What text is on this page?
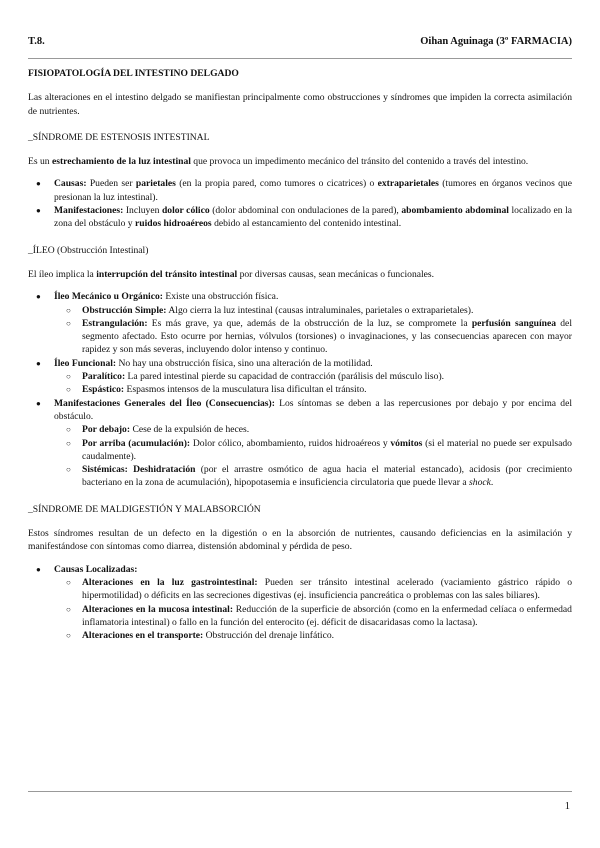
T.8.	Oihan Aguinaga (3º FARMACIA)

FISIOPATOLOGÍA DEL INTESTINO DELGADO

Las alteraciones en el intestino delgado se manifiestan principalmente como obstrucciones y síndromes que impiden la correcta asimilación de nutrientes.

_SÍNDROME DE ESTENOSIS INTESTINAL

Es un estrechamiento de la luz intestinal que provoca un impedimento mecánico del tránsito del contenido a través del intestino.

● Causas: Pueden ser parietales (en la propia pared, como tumores o cicatrices) o extraparietales (tumores en órganos vecinos que presionan la luz intestinal).
● Manifestaciones: Incluyen dolor cólico (dolor abdominal con ondulaciones de la pared), abombamiento abdominal localizado en la zona del obstáculo y ruidos hidroaéreos debido al estancamiento del contenido intestinal.

_ÍLEO (Obstrucción Intestinal)

El íleo implica la interrupción del tránsito intestinal por diversas causas, sean mecánicas o funcionales.

● Íleo Mecánico u Orgánico: Existe una obstrucción física.
○ Obstrucción Simple: Algo cierra la luz intestinal (causas intraluminales, parietales o extraparietales).
○ Estrangulación: Es más grave, ya que, además de la obstrucción de la luz, se compromete la perfusión sanguínea del segmento afectado. Esto ocurre por hernias, vólvulos (torsiones) o invaginaciones, y las consecuencias aparecen con mayor rapidez y son más severas, incluyendo dolor intenso y continuo.
● Íleo Funcional: No hay una obstrucción física, sino una alteración de la motilidad.
○ Paralítico: La pared intestinal pierde su capacidad de contracción (parálisis del músculo liso).
○ Espástico: Espasmos intensos de la musculatura lisa dificultan el tránsito.
● Manifestaciones Generales del Íleo (Consecuencias): Los síntomas se deben a las repercusiones por debajo y por encima del obstáculo.
○ Por debajo: Cese de la expulsión de heces.
○ Por arriba (acumulación): Dolor cólico, abombamiento, ruidos hidroaéreos y vómitos (si el material no puede ser expulsado caudalmente).
○ Sistémicas: Deshidratación (por el arrastre osmótico de agua hacia el material estancado), acidosis (por crecimiento bacteriano en la zona de acumulación), hipopotasemia e insuficiencia circulatoria que puede llevar a shock.

_SÍNDROME DE MALDIGESTIÓN Y MALABSORCIÓN

Estos síndromes resultan de un defecto en la digestión o en la absorción de nutrientes, causando deficiencias en la asimilación y manifestándose con síntomas como diarrea, distensión abdominal y pérdida de peso.

● Causas Localizadas:
○ Alteraciones en la luz gastrointestinal: Pueden ser tránsito intestinal acelerado (vaciamiento gástrico rápido o hipermotilidad) o déficits en las secreciones digestivas (ej. insuficiencia pancreática o problemas con las sales biliares).
○ Alteraciones en la mucosa intestinal: Reducción de la superficie de absorción (como en la enfermedad celíaca o enfermedad inflamatoria intestinal) o fallo en la función del enterocito (ej. déficit de disacaridasas como la lactasa).
○ Alteraciones en el transporte: Obstrucción del drenaje linfático.
1
